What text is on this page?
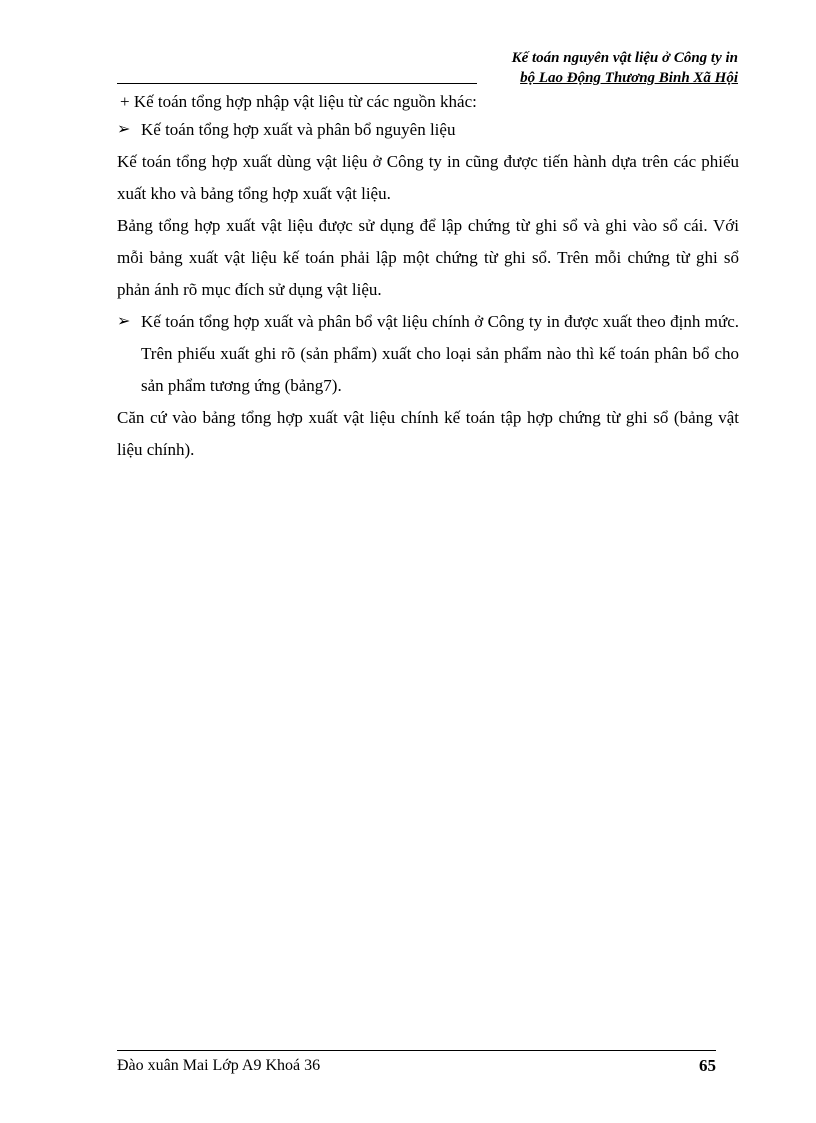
Kế toán nguyên vật liệu ở Công ty in
bộ Lao Động Thương Binh Xã Hội

+ Kế toán tổng hợp nhập vật liệu từ các nguồn khác:

➢ Kế toán tổng hợp xuất và phân bổ nguyên liệu

Kế toán tổng hợp xuất dùng vật liệu ở Công ty in cũng được tiến hành dựa trên các phiếu xuất kho và bảng tổng hợp xuất vật liệu.

Bảng tổng hợp xuất vật liệu được sử dụng để lập chứng từ ghi sổ và ghi vào sổ cái. Với mỗi bảng xuất vật liệu kế toán phải lập một chứng từ ghi sổ. Trên mỗi chứng từ ghi sổ phản ánh rõ mục đích sử dụng vật liệu.

➢ Kế toán tổng hợp xuất và phân bổ vật liệu chính ở Công ty in được xuất theo định mức. Trên phiếu xuất ghi rõ (sản phẩm) xuất cho loại sản phẩm nào thì kế toán phân bổ cho sản phẩm tương ứng (bảng7).

Căn cứ vào bảng tổng hợp xuất vật liệu chính kế toán tập hợp chứng từ ghi sổ (bảng vật liệu chính).

Đào xuân Mai Lớp A9 Khoá 36	65
